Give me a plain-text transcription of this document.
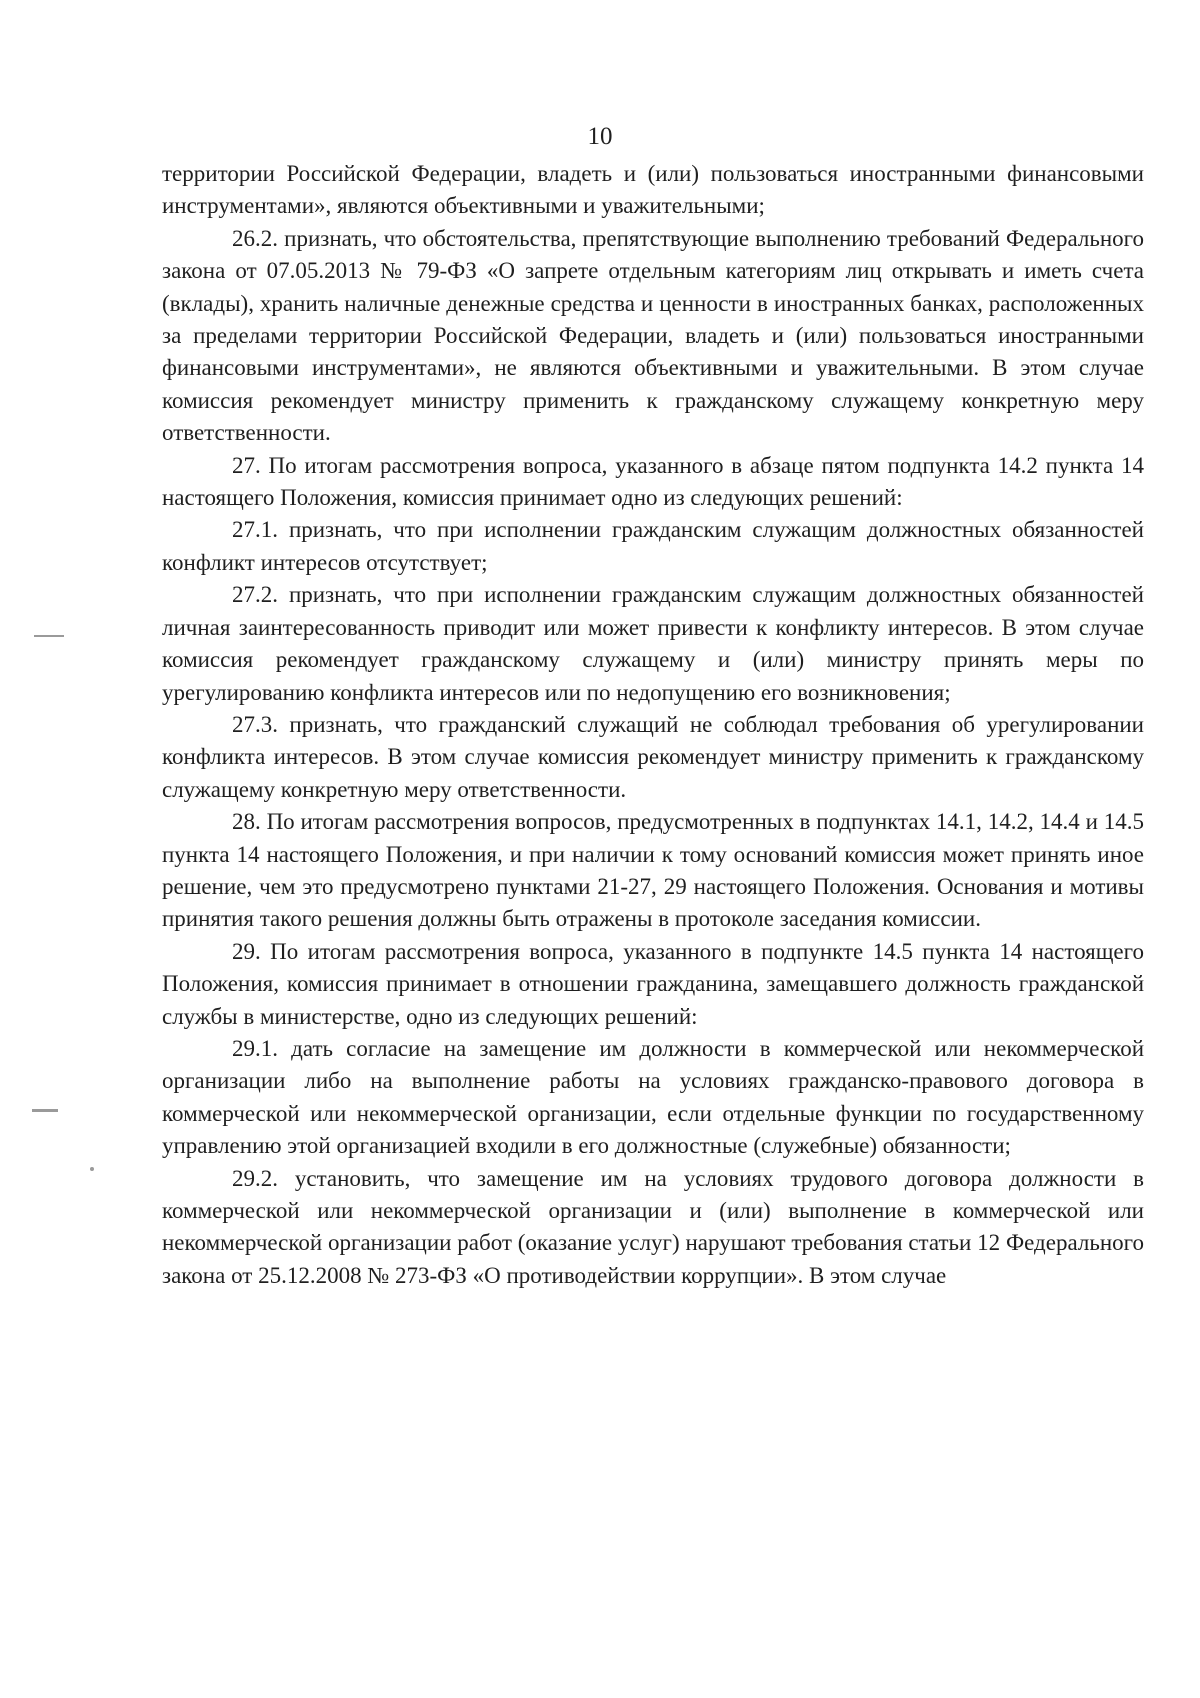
10

территории Российской Федерации, владеть и (или) пользоваться иностранными финансовыми инструментами», являются объективными и уважительными;

26.2. признать, что обстоятельства, препятствующие выполнению требований Федерального закона от 07.05.2013 № 79-ФЗ «О запрете отдельным категориям лиц открывать и иметь счета (вклады), хранить наличные денежные средства и ценности в иностранных банках, расположенных за пределами территории Российской Федерации, владеть и (или) пользоваться иностранными финансовыми инструментами», не являются объективными и уважительными. В этом случае комиссия рекомендует министру применить к гражданскому служащему конкретную меру ответственности.

27. По итогам рассмотрения вопроса, указанного в абзаце пятом подпункта 14.2 пункта 14 настоящего Положения, комиссия принимает одно из следующих решений:

27.1. признать, что при исполнении гражданским служащим должностных обязанностей конфликт интересов отсутствует;

27.2. признать, что при исполнении гражданским служащим должностных обязанностей личная заинтересованность приводит или может привести к конфликту интересов. В этом случае комиссия рекомендует гражданскому служащему и (или) министру принять меры по урегулированию конфликта интересов или по недопущению его возникновения;

27.3. признать, что гражданский служащий не соблюдал требования об урегулировании конфликта интересов. В этом случае комиссия рекомендует министру применить к гражданскому служащему конкретную меру ответственности.

28. По итогам рассмотрения вопросов, предусмотренных в подпунктах 14.1, 14.2, 14.4 и 14.5 пункта 14 настоящего Положения, и при наличии к тому оснований комиссия может принять иное решение, чем это предусмотрено пунктами 21-27, 29 настоящего Положения. Основания и мотивы принятия такого решения должны быть отражены в протоколе заседания комиссии.

29. По итогам рассмотрения вопроса, указанного в подпункте 14.5 пункта 14 настоящего Положения, комиссия принимает в отношении гражданина, замещавшего должность гражданской службы в министерстве, одно из следующих решений:

29.1. дать согласие на замещение им должности в коммерческой или некоммерческой организации либо на выполнение работы на условиях гражданско-правового договора в коммерческой или некоммерческой организации, если отдельные функции по государственному управлению этой организацией входили в его должностные (служебные) обязанности;

29.2. установить, что замещение им на условиях трудового договора должности в коммерческой или некоммерческой организации и (или) выполнение в коммерческой или некоммерческой организации работ (оказание услуг) нарушают требования статьи 12 Федерального закона от 25.12.2008 № 273-ФЗ «О противодействии коррупции». В этом случае
